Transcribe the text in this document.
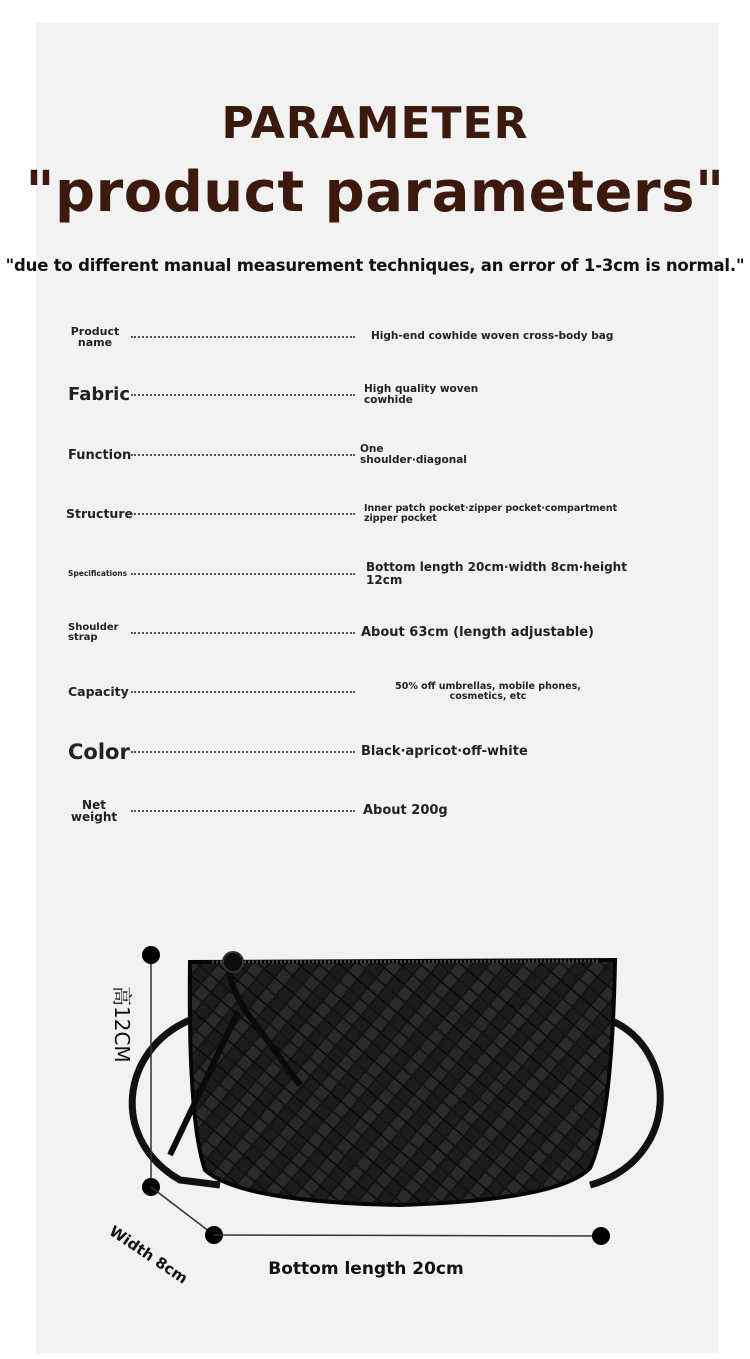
PARAMETER
"product parameters"
"due to different manual measurement techniques, an error of 1-3cm is normal."
Product name	High-end cowhide woven cross-body bag
Fabric	High quality woven cowhide
Function	One shoulder·diagonal
Structure	Inner patch pocket·zipper pocket·compartment zipper pocket
Specifications	Bottom length 20cm·width 8cm·height 12cm
Shoulder strap	About 63cm (length adjustable)
Capacity	50% off umbrellas, mobile phones, cosmetics, etc
Color	Black·apricot·off-white
Net weight	About 200g
高12CM
Width 8cm	Bottom length 20cm
